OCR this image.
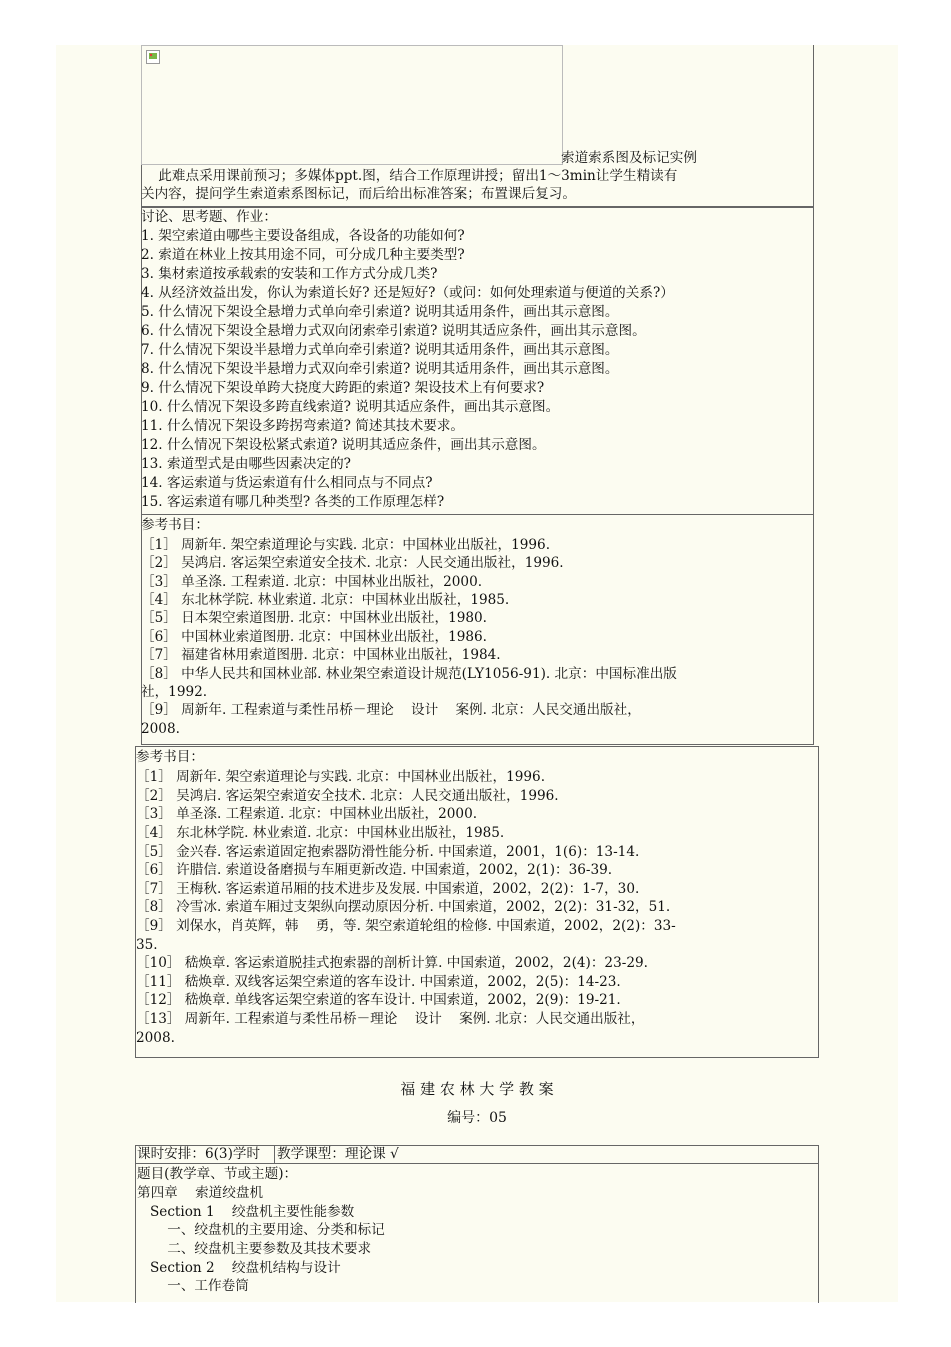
索道索系图及标记实例
此难点采用课前预习；多媒体ppt.图，结合工作原理讲授；留出1～3min让学生精读有
关内容，提问学生索道索系图标记，而后给出标准答案；布置课后复习。
讨论、思考题、作业：
1. 架空索道由哪些主要设备组成，各设备的功能如何?
2. 索道在林业上按其用途不同，可分成几种主要类型?
3. 集材索道按承载索的安装和工作方式分成几类?
4. 从经济效益出发，你认为索道长好? 还是短好?（或问：如何处理索道与便道的关系?）
5. 什么情况下架设全悬增力式单向牵引索道? 说明其适用条件，画出其示意图。
6. 什么情况下架设全悬增力式双向闭索牵引索道? 说明其适应条件，画出其示意图。
7. 什么情况下架设半悬增力式单向牵引索道? 说明其适用条件，画出其示意图。
8. 什么情况下架设半悬增力式双向牵引索道? 说明其适用条件，画出其示意图。
9. 什么情况下架设单跨大挠度大跨距的索道? 架设技术上有何要求?
10. 什么情况下架设多跨直线索道? 说明其适应条件，画出其示意图。
11. 什么情况下架设多跨拐弯索道? 简述其技术要求。
12. 什么情况下架设松紧式索道? 说明其适应条件，画出其示意图。
13. 索道型式是由哪些因素决定的?
14. 客运索道与货运索道有什么相同点与不同点?
15. 客运索道有哪几种类型? 各类的工作原理怎样?
参考书目：
［1］ 周新年. 架空索道理论与实践. 北京：中国林业出版社，1996.
［2］ 吴鸿启. 客运架空索道安全技术. 北京：人民交通出版社，1996.
［3］ 单圣涤. 工程索道. 北京：中国林业出版社，2000.
［4］ 东北林学院. 林业索道. 北京：中国林业出版社，1985.
［5］ 日本架空索道图册. 北京：中国林业出版社，1980.
［6］ 中国林业索道图册. 北京：中国林业出版社，1986.
［7］ 福建省林用索道图册. 北京：中国林业出版社，1984.
［8］ 中华人民共和国林业部. 林业架空索道设计规范(LY1056-91). 北京：中国标准出版
社，1992.
［9］ 周新年. 工程索道与柔性吊桥－理论    设计    案例. 北京：人民交通出版社，
2008.
参考书目：
［1］ 周新年. 架空索道理论与实践. 北京：中国林业出版社，1996.
［2］ 吴鸿启. 客运架空索道安全技术. 北京：人民交通出版社，1996.
［3］ 单圣涤. 工程索道. 北京：中国林业出版社，2000.
［4］ 东北林学院. 林业索道. 北京：中国林业出版社，1985.
［5］ 金兴春. 客运索道固定抱索器防滑性能分析. 中国索道，2001，1(6)：13-14.
［6］ 许腊信. 索道设备磨损与车厢更新改造. 中国索道，2002，2(1)：36-39.
［7］ 王梅秋. 客运索道吊厢的技术进步及发展. 中国索道，2002，2(2)：1-7，30.
［8］ 冷雪冰. 索道车厢过支架纵向摆动原因分析. 中国索道，2002，2(2)：31-32，51.
［9］ 刘保水，肖英辉，韩    勇，等. 架空索道轮组的检修. 中国索道，2002，2(2)：33-
35.
［10］ 嵇焕章. 客运索道脱挂式抱索器的剖析计算. 中国索道，2002，2(4)：23-29.
［11］ 嵇焕章. 双线客运架空索道的客车设计. 中国索道，2002，2(5)：14-23.
［12］ 嵇焕章. 单线客运架空索道的客车设计. 中国索道，2002，2(9)：19-21.
［13］ 周新年. 工程索道与柔性吊桥－理论    设计    案例. 北京：人民交通出版社，
2008.
福 建 农 林 大 学 教 案
编号：05
课时安排：6(3)学时 教学课型：理论课 √
题目(教学章、节或主题)：
第四章    索道绞盘机
Section 1    绞盘机主要性能参数
一、绞盘机的主要用途、分类和标记
二、绞盘机主要参数及其技术要求
Section 2    绞盘机结构与设计
一、工作卷筒
